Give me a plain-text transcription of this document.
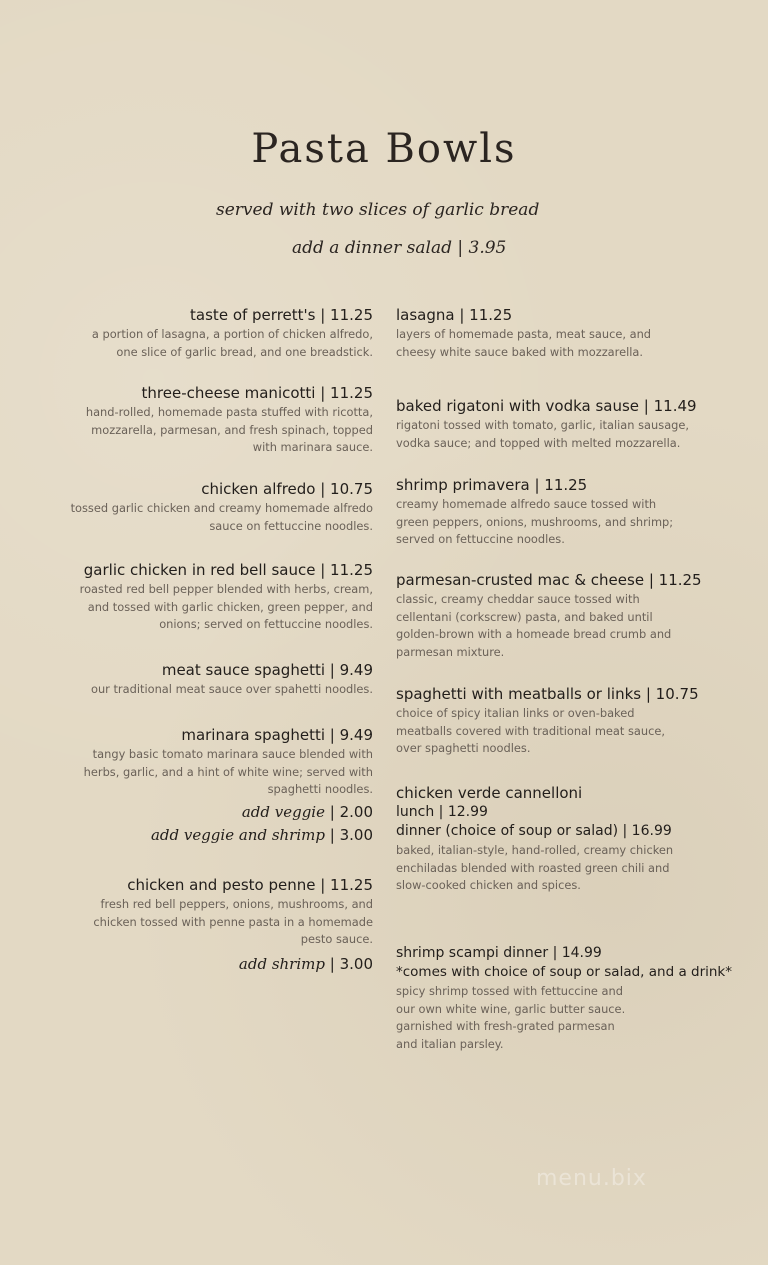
Pasta Bowls
served with two slices of garlic bread
add a dinner salad | 3.95
taste of perrett's | 11.25
a portion of lasagna, a portion of chicken alfredo, one slice of garlic bread, and one breadstick.
three-cheese manicotti | 11.25
hand-rolled, homemade pasta stuffed with ricotta, mozzarella, parmesan, and fresh spinach, topped with marinara sauce.
chicken alfredo | 10.75
tossed garlic chicken and creamy homemade alfredo sauce on fettuccine noodles.
garlic chicken in red bell sauce | 11.25
roasted red bell pepper blended with herbs, cream, and tossed with garlic chicken, green pepper, and onions; served on fettuccine noodles.
meat sauce spaghetti | 9.49
our traditional meat sauce over spahetti noodles.
marinara spaghetti | 9.49
tangy basic tomato marinara sauce blended with herbs, garlic, and a hint of white wine; served with spaghetti noodles.
add veggie | 2.00
add veggie and shrimp | 3.00
chicken and pesto penne | 11.25
fresh red bell peppers, onions, mushrooms, and chicken tossed with penne pasta in a homemade pesto sauce.
add shrimp | 3.00
lasagna | 11.25
layers of homemade pasta, meat sauce, and cheesy white sauce baked with mozzarella.
baked rigatoni with vodka sause | 11.49
rigatoni tossed with tomato, garlic, italian sausage, vodka sauce; and topped with melted mozzarella.
shrimp primavera | 11.25
creamy homemade alfredo sauce tossed with green peppers, onions, mushrooms, and shrimp; served on fettuccine noodles.
parmesan-crusted mac & cheese | 11.25
classic, creamy cheddar sauce tossed with cellentani (corkscrew) pasta, and baked until golden-brown with a homeade bread crumb and parmesan mixture.
spaghetti with meatballs or links | 10.75
choice of spicy italian links or oven-baked meatballs covered with traditional meat sauce, over spaghetti noodles.
chicken verde cannelloni
lunch | 12.99
dinner (choice of soup or salad) | 16.99
baked, italian-style, hand-rolled, creamy chicken enchiladas blended with roasted green chili and slow-cooked chicken and spices.
shrimp scampi dinner | 14.99
*comes with choice of soup or salad, and a drink*
spicy shrimp tossed with fettuccine and our own white wine, garlic butter sauce. garnished with fresh-grated parmesan and italian parsley.
menu.bix
